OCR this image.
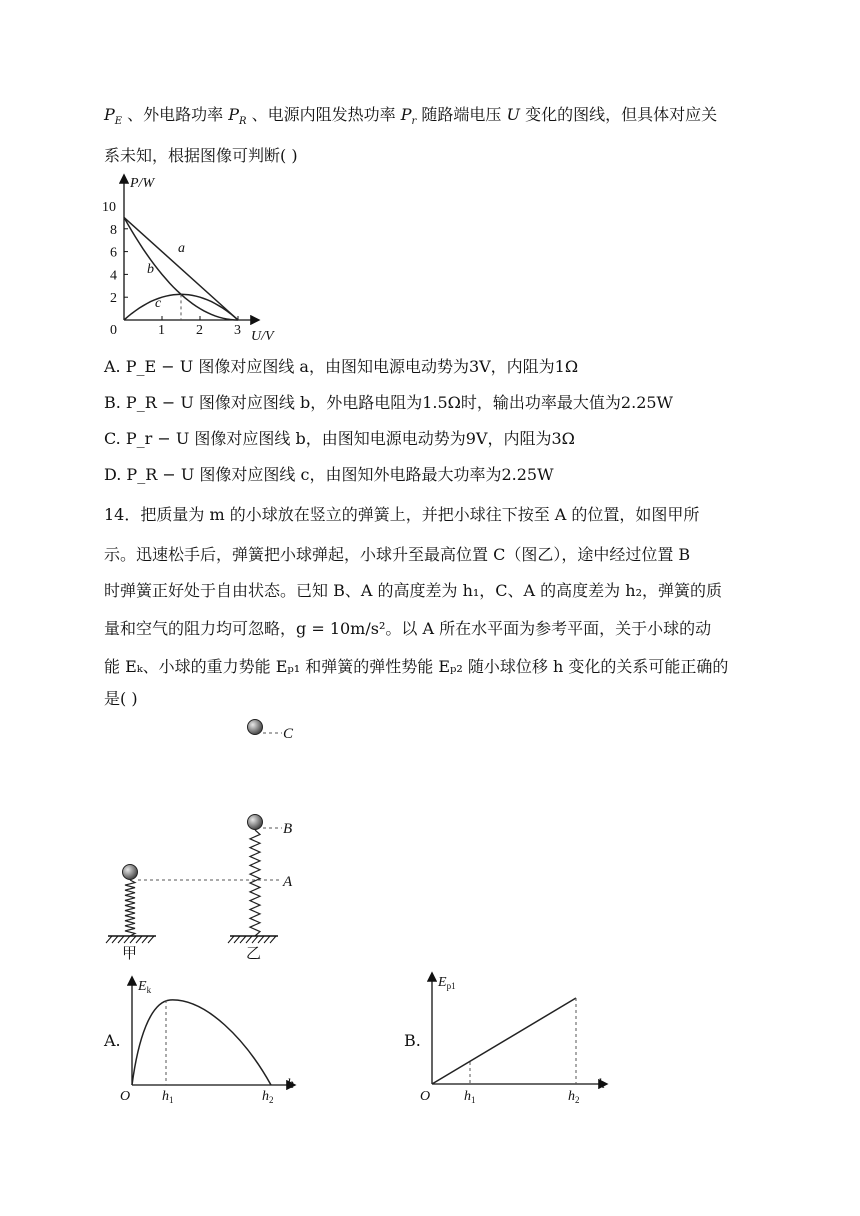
$P_E$ 、外电路功率 $P_R$ 、电源内阻发热功率 $P_r$ 随路端电压 U 变化的图线，但具体对应关
系未知，根据图像可判断( )
P/W
U/V
10
8
6
4
2
0	1 2 3
a
b
c
A. P_E − U 图像对应图线 a，由图知电源电动势为3V，内阻为1Ω
B. P_R − U 图像对应图线 b，外电路电阻为1.5Ω时，输出功率最大值为2.25W
C. P_r − U 图像对应图线 b，由图知电源电动势为9V，内阻为3Ω
D. P_R − U 图像对应图线 c，由图知外电路最大功率为2.25W
14．把质量为 m 的小球放在竖立的弹簧上，并把小球往下按至 A 的位置，如图甲所
示。迅速松手后，弹簧把小球弹起，小球升至最高位置 C（图乙），途中经过位置 B
时弹簧正好处于自由状态。已知 B、A 的高度差为 h₁，C、A 的高度差为 h₂，弹簧的质
量和空气的阻力均可忽略，g = 10m/s²。以 A 所在水平面为参考平面，关于小球的动
能 Eₖ、小球的重力势能 Eₚ₁ 和弹簧的弹性势能 Eₚ₂ 随小球位移 h 变化的关系可能正确的
是( )
C
B
A
甲	乙
A.
$E_k$
h
O $h_1$	$h_2$
B.
$E_{p1}$
h
O $h_1$	$h_2$
